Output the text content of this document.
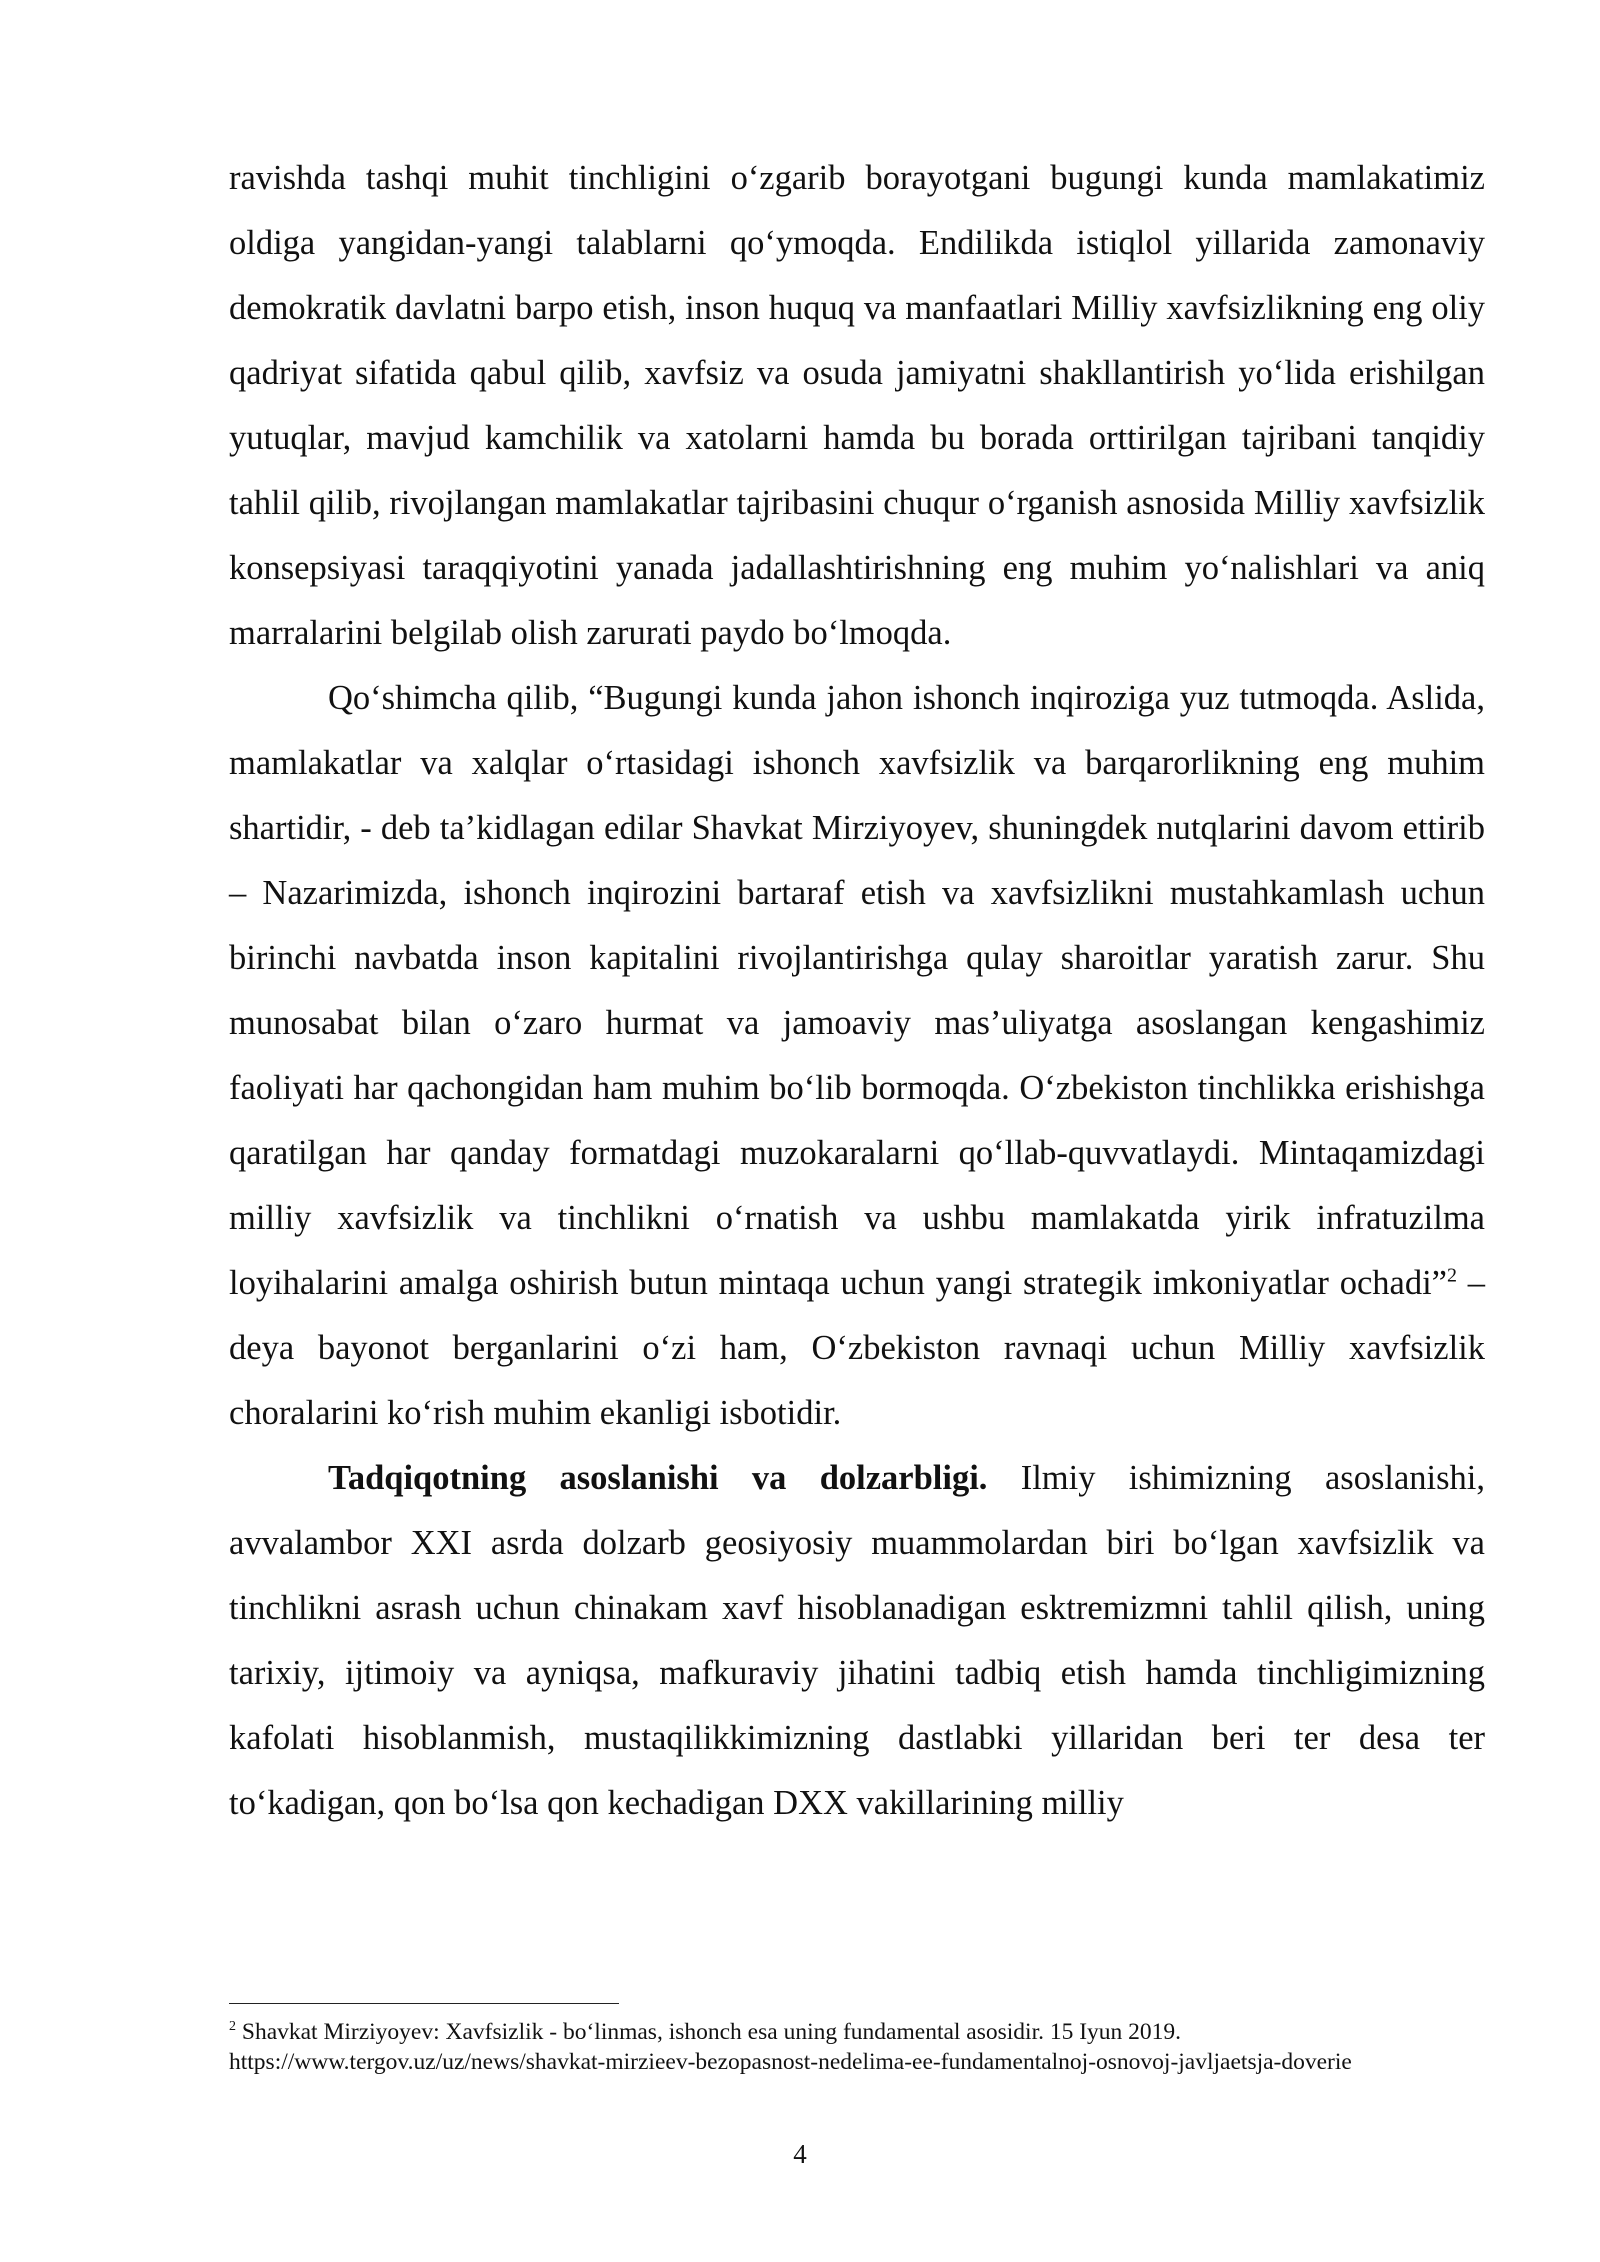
ravishda tashqi muhit tinchligini o‘zgarib borayotgani bugungi kunda mamlakatimiz oldiga yangidan-yangi talablarni qo‘ymoqda. Endilikda istiqlol yillarida zamonaviy demokratik davlatni barpo etish, inson huquq va manfaatlari Milliy xavfsizlikning eng oliy qadriyat sifatida qabul qilib, xavfsiz va osuda jamiyatni shakllantirish yo‘lida erishilgan yutuqlar, mavjud kamchilik va xatolarni hamda bu borada orttirilgan tajribani tanqidiy tahlil qilib, rivojlangan mamlakatlar tajribasini chuqur o‘rganish asnosida Milliy xavfsizlik konsepsiyasi taraqqiyotini yanada jadallashtirishning eng muhim yo‘nalishlari va aniq marralarini belgilab olish zarurati paydo bo‘lmoqda.

Qo‘shimcha qilib, “Bugungi kunda jahon ishonch inqiroziga yuz tutmoqda. Aslida, mamlakatlar va xalqlar o‘rtasidagi ishonch xavfsizlik va barqarorlikning eng muhim shartidir, - deb ta’kidlagan edilar Shavkat Mirziyoyev, shuningdek nutqlarini davom ettirib – Nazarimizda, ishonch inqirozini bartaraf etish va xavfsizlikni mustahkamlash uchun birinchi navbatda inson kapitalini rivojlantirishga qulay sharoitlar yaratish zarur. Shu munosabat bilan o‘zaro hurmat va jamoaviy mas’uliyatga asoslangan kengashimiz faoliyati har qachongidan ham muhim bo‘lib bormoqda. O‘zbekiston tinchlikka erishishga qaratilgan har qanday formatdagi muzokaralarni qo‘llab-quvvatlaydi. Mintaqamizdagi milliy xavfsizlik va tinchlikni o‘rnatish va ushbu mamlakatda yirik infratuzilma loyihalarini amalga oshirish butun mintaqa uchun yangi strategik imkoniyatlar ochadi”$^2$ – deya bayonot berganlarini o‘zi ham, O‘zbekiston ravnaqi uchun Milliy xavfsizlik choralarini ko‘rish muhim ekanligi isbotidir.

Tadqiqotning asoslanishi va dolzarbligi. Ilmiy ishimizning asoslanishi, avvalambor XXI asrda dolzarb geosiyosiy muammolardan biri bo‘lgan xavfsizlik va tinchlikni asrash uchun chinakam xavf hisoblanadigan esktremizmni tahlil qilish, uning tarixiy, ijtimoiy va ayniqsa, mafkuraviy jihatini tadbiq etish hamda tinchligimizning kafolati hisoblanmish, mustaqilikkimizning dastlabki yillaridan beri ter desa ter to‘kadigan, qon bo‘lsa qon kechadigan DXX vakillarining milliy

$^2$ Shavkat Mirziyoyev: Xavfsizlik - bo‘linmas, ishonch esa uning fundamental asosidir. 15 Iyun 2019.
https://www.tergov.uz/uz/news/shavkat-mirzieev-bezopasnost-nedelima-ee-fundamentalnoj-osnovoj-javljaetsja-doverie
4
